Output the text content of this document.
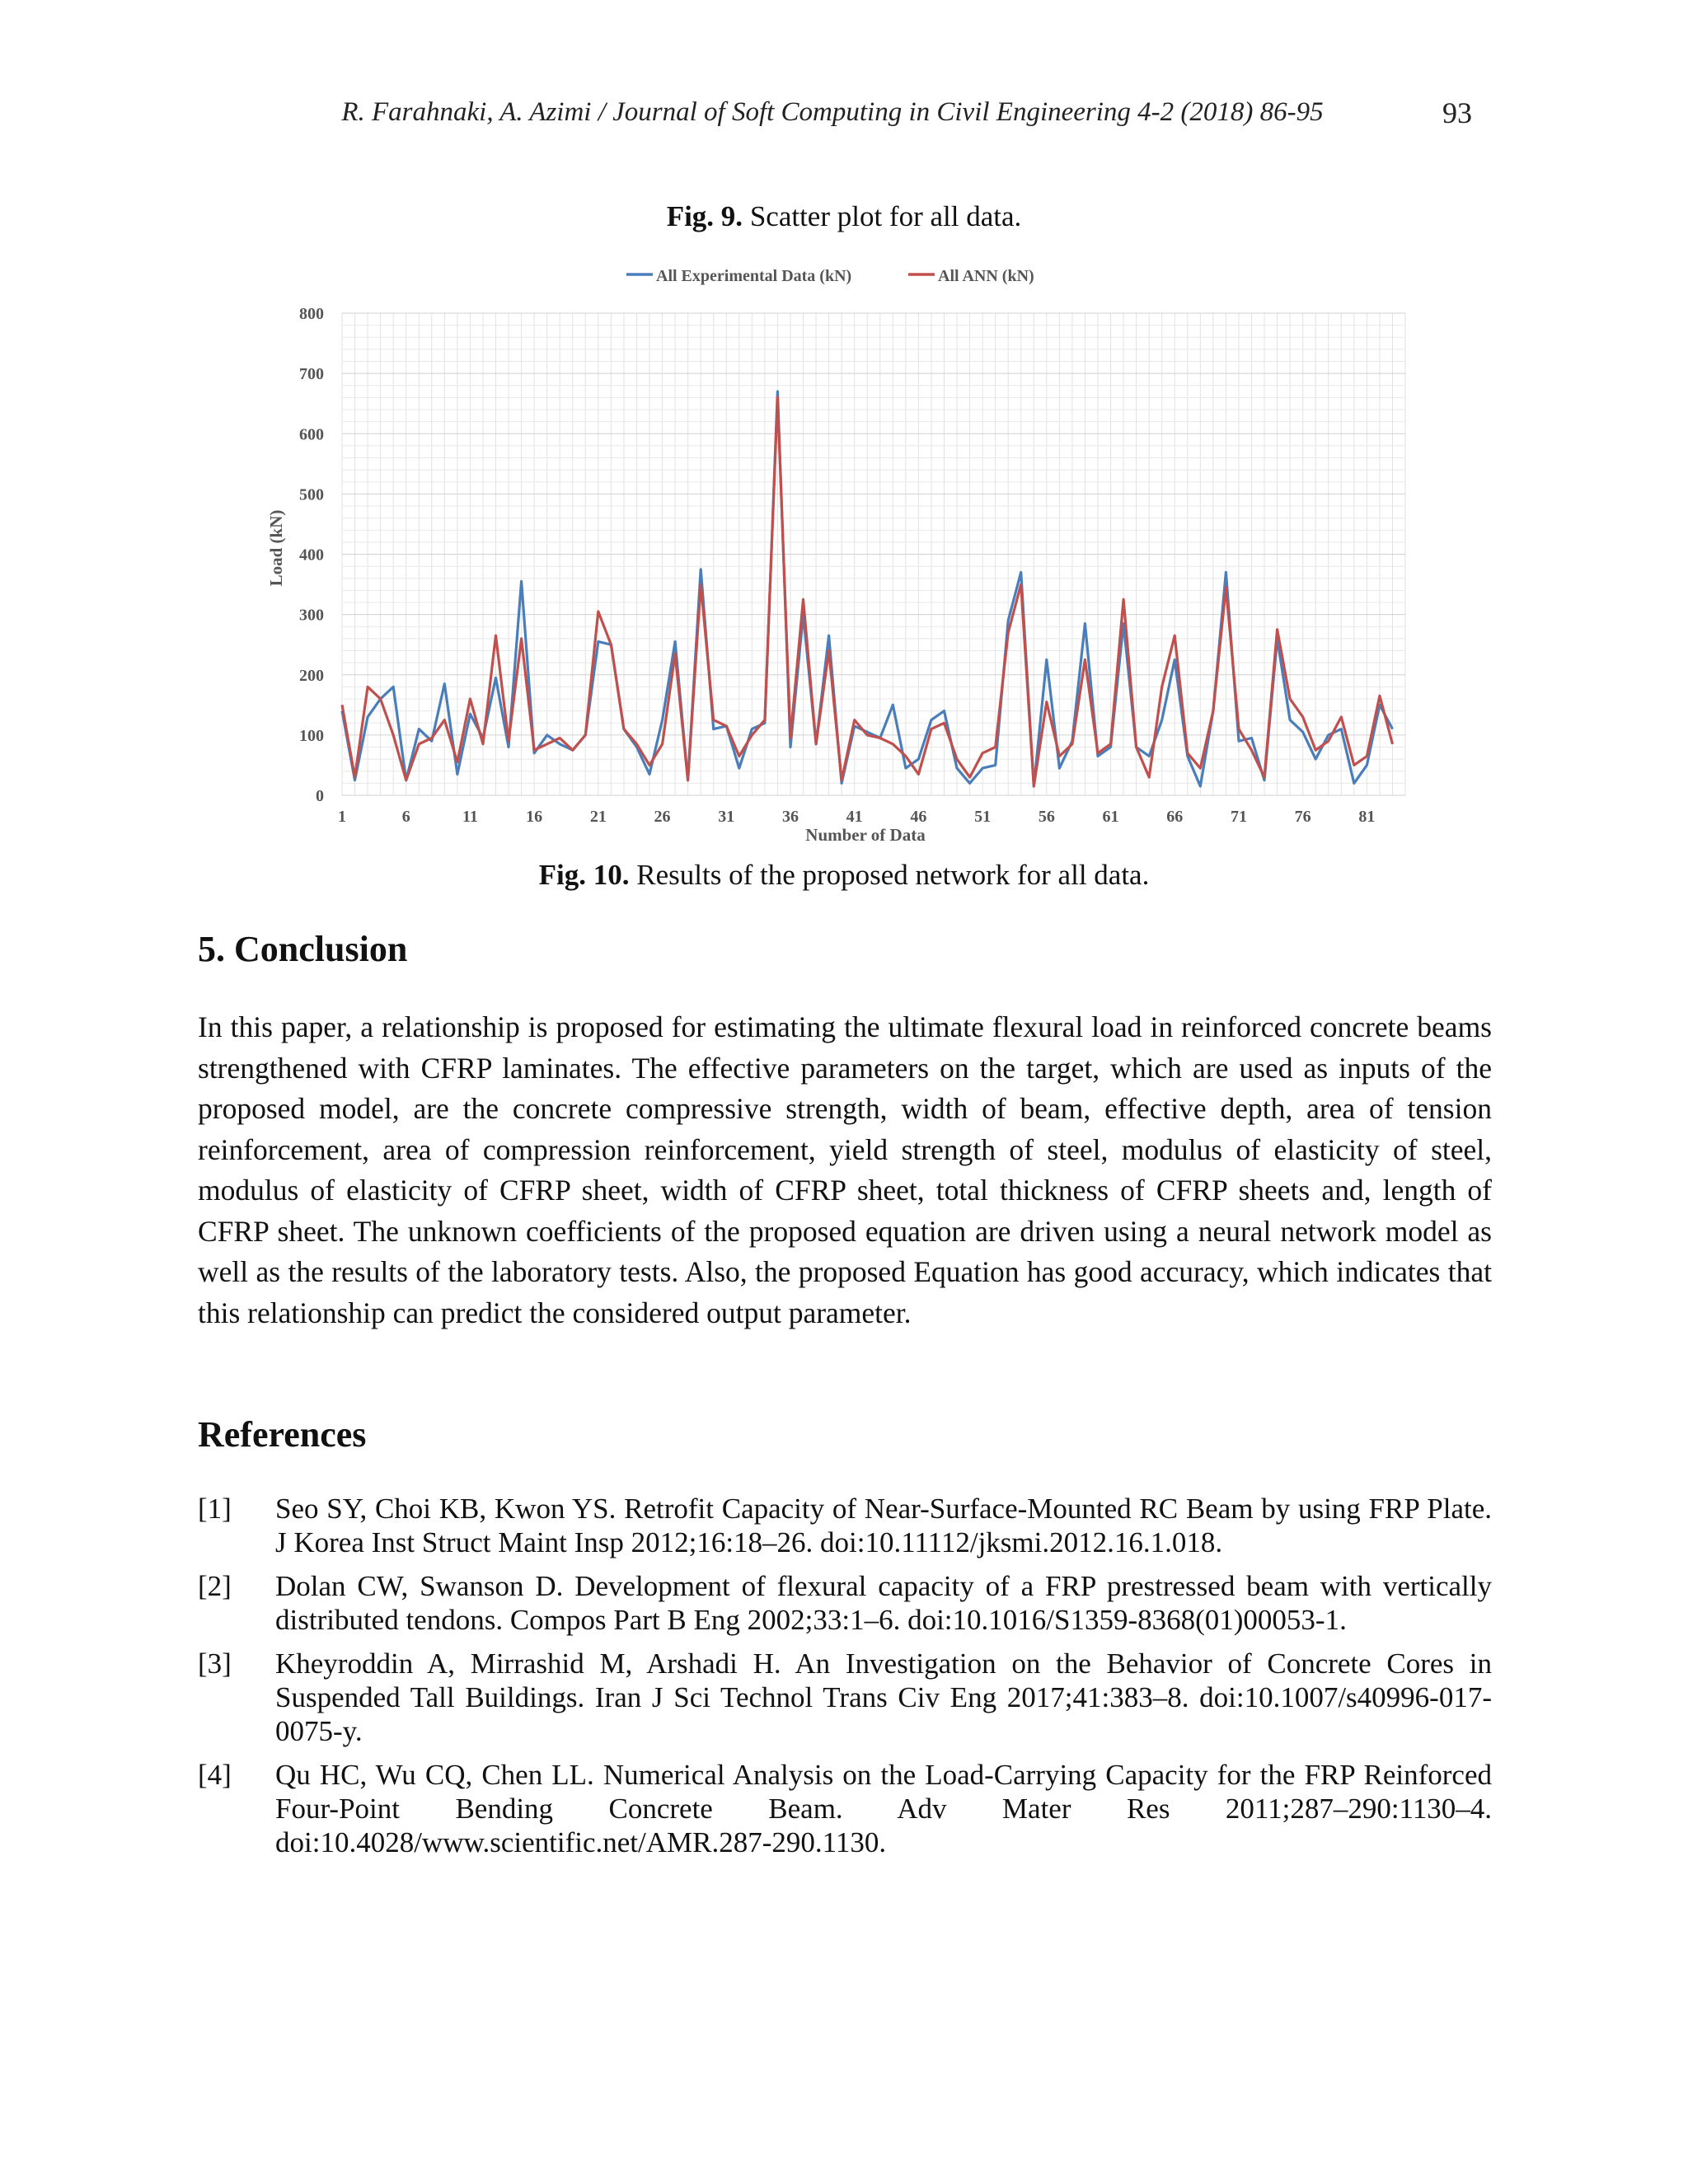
R. Farahnaki, A. Azimi / Journal of Soft Computing in Civil Engineering 4-2 (2018) 86-95	93
Fig. 9. Scatter plot for all data.
All Experimental Data (kN)	All ANN (kN)
0
100
200
300
400
500
600
700
800
1	6	11	16	21	26	31	36	41	46	51	56	61	66	71	76	81
Load (kN)
Number of Data
Fig. 10. Results of the proposed network for all data.
5. Conclusion
In this paper, a relationship is proposed for estimating the ultimate flexural load in reinforced concrete beams strengthened with CFRP laminates. The effective parameters on the target, which are used as inputs of the proposed model, are the concrete compressive strength, width of beam, effective depth, area of tension reinforcement, area of compression reinforcement, yield strength of steel, modulus of elasticity of steel, modulus of elasticity of CFRP sheet, width of CFRP sheet, total thickness of CFRP sheets and, length of CFRP sheet. The unknown coefficients of the proposed equation are driven using a neural network model as well as the results of the laboratory tests. Also, the proposed Equation has good accuracy, which indicates that this relationship can predict the considered output parameter.
References
[1] Seo SY, Choi KB, Kwon YS. Retrofit Capacity of Near-Surface-Mounted RC Beam by using FRP Plate. J Korea Inst Struct Maint Insp 2012;16:18–26. doi:10.11112/jksmi.2012.16.1.018.
[2] Dolan CW, Swanson D. Development of flexural capacity of a FRP prestressed beam with vertically distributed tendons. Compos Part B Eng 2002;33:1–6. doi:10.1016/S1359-8368(01)00053-1.
[3] Kheyroddin A, Mirrashid M, Arshadi H. An Investigation on the Behavior of Concrete Cores in Suspended Tall Buildings. Iran J Sci Technol Trans Civ Eng 2017;41:383–8. doi:10.1007/s40996-017-0075-y.
[4] Qu HC, Wu CQ, Chen LL. Numerical Analysis on the Load-Carrying Capacity for the FRP Reinforced Four-Point Bending Concrete Beam. Adv Mater Res 2011;287–290:1130–4. doi:10.4028/www.scientific.net/AMR.287-290.1130.
